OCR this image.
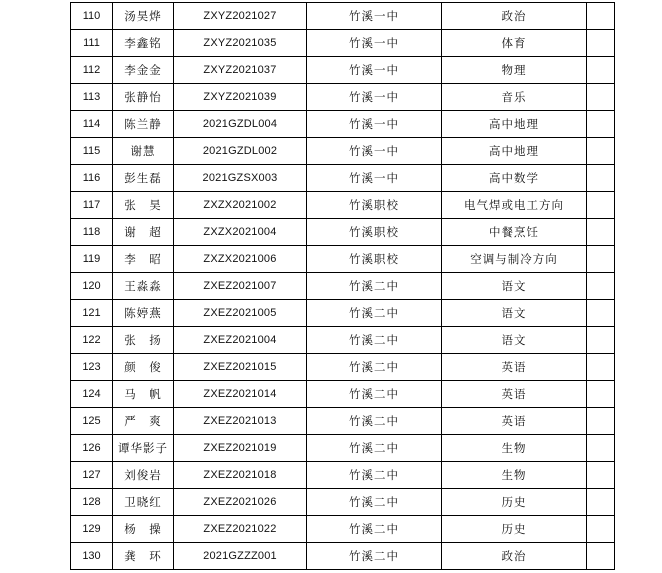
110	汤昊烨	ZXYZ2021027	竹溪一中	政治	
111	李鑫铭	ZXYZ2021035	竹溪一中	体育	
112	李金金	ZXYZ2021037	竹溪一中	物理	
113	张静怡	ZXYZ2021039	竹溪一中	音乐	
114	陈兰静	2021GZDL004	竹溪一中	高中地理	
115	谢慧	2021GZDL002	竹溪一中	高中地理	
116	彭生磊	2021GZSX003	竹溪一中	高中数学	
117	张　昊	ZXZX2021002	竹溪职校	电气焊或电工方向	
118	谢　超	ZXZX2021004	竹溪职校	中餐烹饪	
119	李　昭	ZXZX2021006	竹溪职校	空调与制冷方向	
120	王淼淼	ZXEZ2021007	竹溪二中	语文	
121	陈婷燕	ZXEZ2021005	竹溪二中	语文	
122	张　扬	ZXEZ2021004	竹溪二中	语文	
123	颜　俊	ZXEZ2021015	竹溪二中	英语	
124	马　帆	ZXEZ2021014	竹溪二中	英语	
125	严　爽	ZXEZ2021013	竹溪二中	英语	
126	谭华影子	ZXEZ2021019	竹溪二中	生物	
127	刘俊岩	ZXEZ2021018	竹溪二中	生物	
128	卫晓红	ZXEZ2021026	竹溪二中	历史	
129	杨　操	ZXEZ2021022	竹溪二中	历史	
130	龚　环	2021GZZZ001	竹溪二中	政治	
